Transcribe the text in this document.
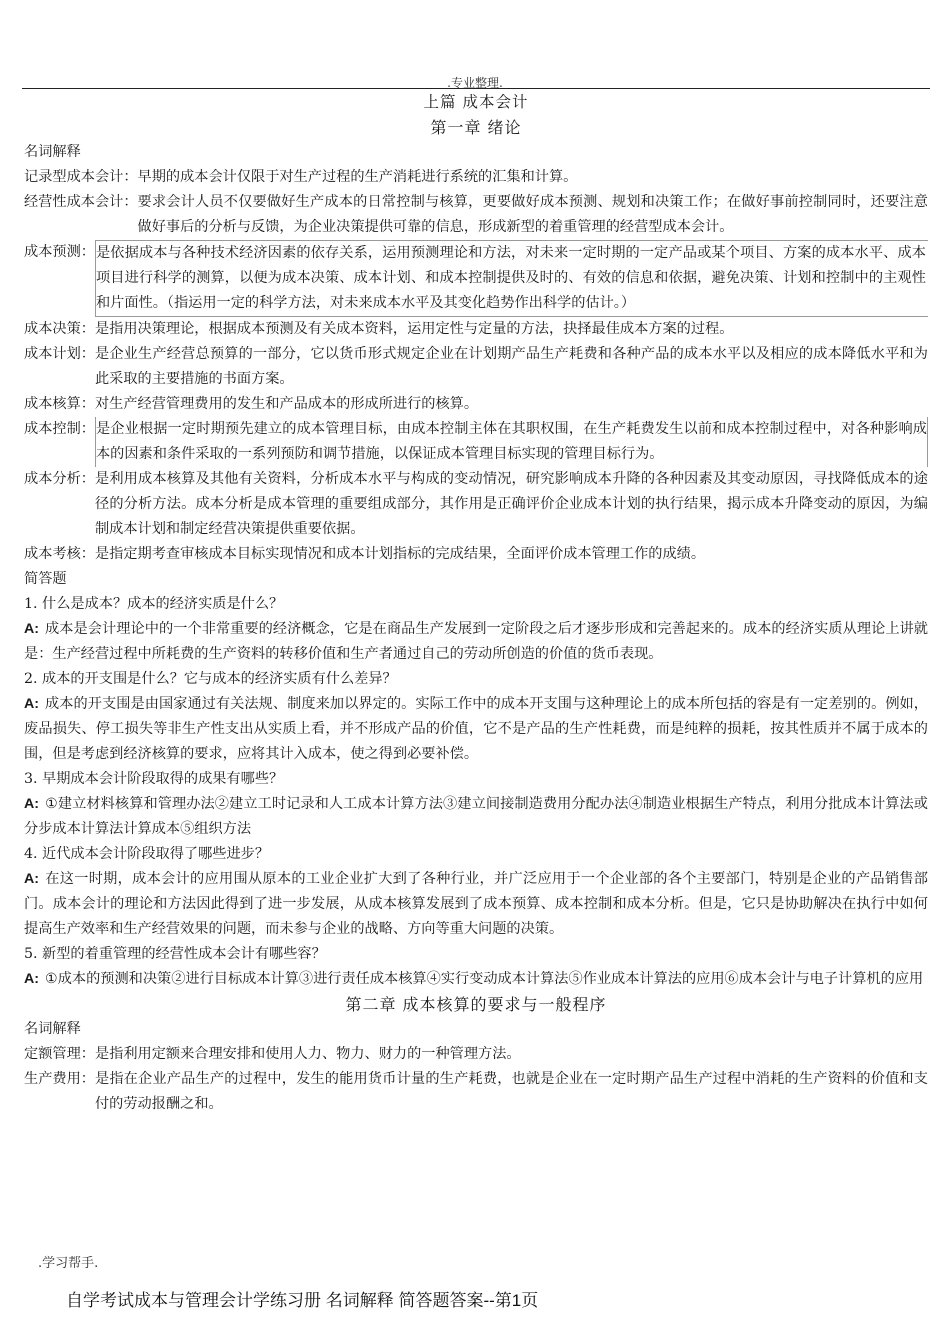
.专业整理.
上篇 成本会计
第一章 绪论
名词解释
记录型成本会计： 早期的成本会计仅限于对生产过程的生产消耗进行系统的汇集和计算。
经营性成本会计： 要求会计人员不仅要做好生产成本的日常控制与核算，更要做好成本预测、规划和决策工作；在做好事前控制同时，还要注意做好事后的分析与反馈，为企业决策提供可靠的信息，形成新型的着重管理的经营型成本会计。
成本预测： 是依据成本与各种技术经济因素的依存关系，运用预测理论和方法，对未来一定时期的一定产品或某个项目、方案的成本水平、成本项目进行科学的测算，以便为成本决策、成本计划、和成本控制提供及时的、有效的信息和依据，避免决策、计划和控制中的主观性和片面性。（指运用一定的科学方法，对未来成本水平及其变化趋势作出科学的估计。）
成本决策： 是指用决策理论，根据成本预测及有关成本资料，运用定性与定量的方法，抉择最佳成本方案的过程。
成本计划： 是企业生产经营总预算的一部分，它以货币形式规定企业在计划期产品生产耗费和各种产品的成本水平以及相应的成本降低水平和为此采取的主要措施的书面方案。
成本核算： 对生产经营管理费用的发生和产品成本的形成所进行的核算。
成本控制： 是企业根据一定时期预先建立的成本管理目标，由成本控制主体在其职权围，在生产耗费发生以前和成本控制过程中，对各种影响成本的因素和条件采取的一系列预防和调节措施，以保证成本管理目标实现的管理目标行为。
成本分析： 是利用成本核算及其他有关资料，分析成本水平与构成的变动情况，研究影响成本升降的各种因素及其变动原因，寻找降低成本的途径的分析方法。成本分析是成本管理的重要组成部分，其作用是正确评价企业成本计划的执行结果，揭示成本升降变动的原因，为编制成本计划和制定经营决策提供重要依据。
成本考核： 是指定期考查审核成本目标实现情况和成本计划指标的完成结果，全面评价成本管理工作的成绩。
简答题
1. 什么是成本？成本的经济实质是什么？
A: 成本是会计理论中的一个非常重要的经济概念，它是在商品生产发展到一定阶段之后才逐步形成和完善起来的。成本的经济实质从理论上讲就是：生产经营过程中所耗费的生产资料的转移价值和生产者通过自己的劳动所创造的价值的货币表现。
2. 成本的开支围是什么？它与成本的经济实质有什么差异？
A: 成本的开支围是由国家通过有关法规、制度来加以界定的。实际工作中的成本开支围与这种理论上的成本所包括的容是有一定差别的。例如，废品损失、停工损失等非生产性支出从实质上看，并不形成产品的价值，它不是产品的生产性耗费，而是纯粹的损耗，按其性质并不属于成本的围，但是考虑到经济核算的要求，应将其计入成本，使之得到必要补偿。
3. 早期成本会计阶段取得的成果有哪些？
A: ①建立材料核算和管理办法②建立工时记录和人工成本计算方法③建立间接制造费用分配办法④制造业根据生产特点，利用分批成本计算法或分步成本计算法计算成本⑤组织方法
4. 近代成本会计阶段取得了哪些进步？
A: 在这一时期，成本会计的应用围从原本的工业企业扩大到了各种行业，并广泛应用于一个企业部的各个主要部门，特别是企业的产品销售部门。成本会计的理论和方法因此得到了进一步发展，从成本核算发展到了成本预算、成本控制和成本分析。但是，它只是协助解决在执行中如何提高生产效率和生产经营效果的问题，而未参与企业的战略、方向等重大问题的决策。
5. 新型的着重管理的经营性成本会计有哪些容？
A: ①成本的预测和决策②进行目标成本计算③进行责任成本核算④实行变动成本计算法⑤作业成本计算法的应用⑥成本会计与电子计算机的应用
第二章 成本核算的要求与一般程序
名词解释
定额管理： 是指利用定额来合理安排和使用人力、物力、财力的一种管理方法。
生产费用： 是指在企业产品生产的过程中，发生的能用货币计量的生产耗费，也就是企业在一定时期产品生产过程中消耗的生产资料的价值和支付的劳动报酬之和。
.学习帮手.
自学考试成本与管理会计学练习册 名词解释 简答题答案--第1页
